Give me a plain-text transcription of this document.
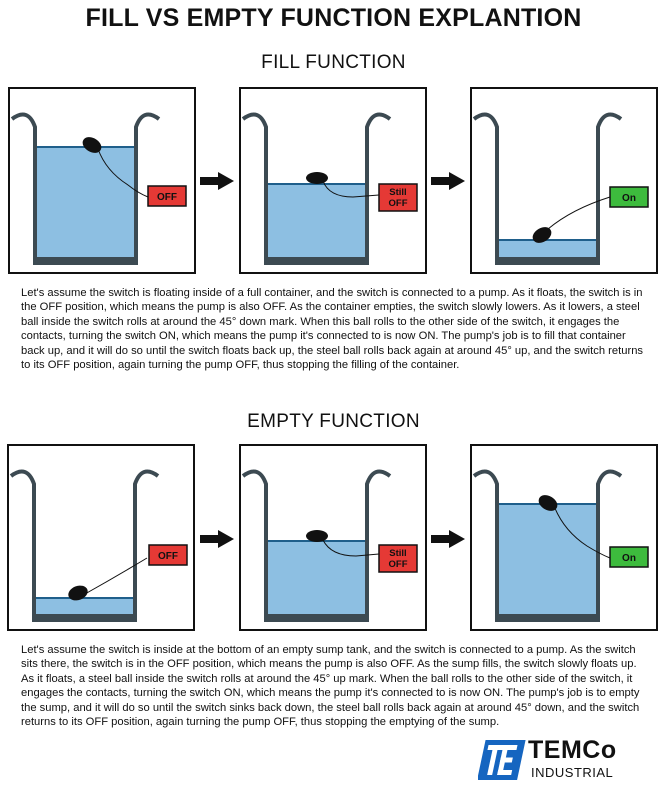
FILL VS EMPTY FUNCTION EXPLANTION
FILL FUNCTION
OFF	Still
OFF	On
Let's assume the switch is floating inside of a full container, and the switch is connected to a pump. As it floats, the switch is in the OFF position, which means the pump is also OFF. As the container empties, the switch slowly lowers. As it lowers, a steel ball inside the switch rolls at around the 45° down mark. When this ball rolls to the other side of the switch, it engages the contacts, turning the switch ON, which means the pump it's connected to is now ON. The pump's job is to fill that container back up, and it will do so until the switch floats back up, the steel ball rolls back again at around 45° up, and the switch returns to its OFF position, again turning the pump OFF, thus stopping the filling of the container.
EMPTY FUNCTION
OFF	Still
OFF
On
Let's assume the switch is inside at the bottom of an empty sump tank, and the switch is connected to a pump. As the switch sits there, the switch is in the OFF position, which means the pump is also OFF. As the sump fills, the switch slowly floats up. As it floats, a steel ball inside the switch rolls at around the 45° up mark. When the ball rolls to the other side of the switch, it engages the contacts, turning the switch ON, which means the pump it's connected to is now ON. The pump's job is to empty the sump, and it will do so until the switch sinks back down, the steel ball rolls back again at around 45° down, and the switch returns to its OFF position, again turning the pump OFF, thus stopping the emptying of the sump.
TEMCo
INDUSTRIAL
